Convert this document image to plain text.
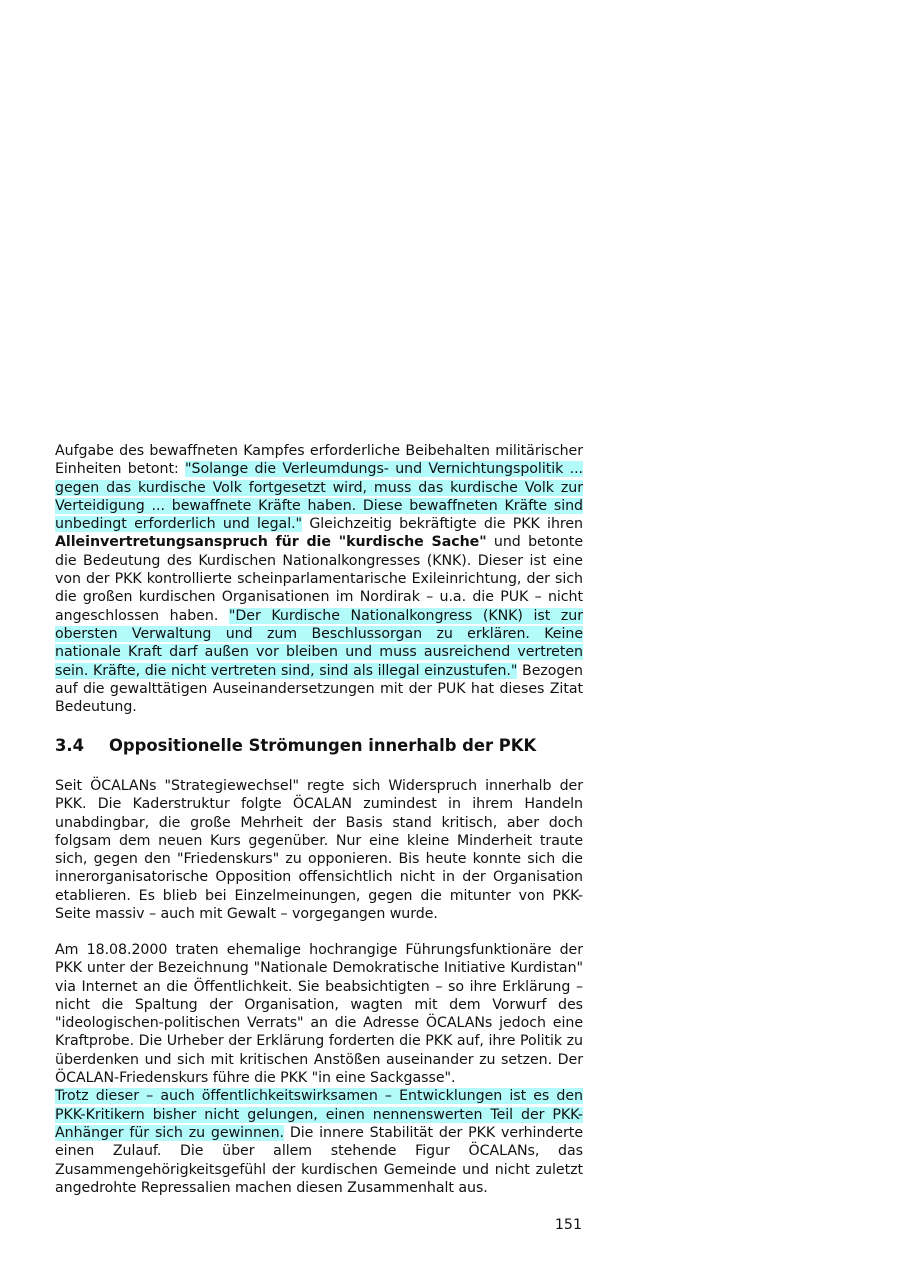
Aufgabe des bewaffneten Kampfes erforderliche Beibehalten militärischer Einheiten betont: "Solange die Verleumdungs- und Vernichtungspolitik ... gegen das kurdische Volk fortgesetzt wird, muss das kurdische Volk zur Verteidigung ... bewaffnete Kräfte haben. Diese bewaffneten Kräfte sind unbedingt erforderlich und legal." Gleichzeitig bekräftigte die PKK ihren Alleinvertretungsanspruch für die "kurdische Sache" und betonte die Bedeutung des Kurdischen Nationalkongresses (KNK). Dieser ist eine von der PKK kontrollierte scheinparlamentarische Exileinrichtung, der sich die großen kurdischen Organisationen im Nordirak – u.a. die PUK – nicht angeschlossen haben. "Der Kurdische Nationalkongress (KNK) ist zur obersten Verwaltung und zum Beschlussorgan zu erklären. Keine nationale Kraft darf außen vor bleiben und muss ausreichend vertreten sein. Kräfte, die nicht vertreten sind, sind als illegal einzustufen." Bezogen auf die gewalttätigen Auseinandersetzungen mit der PUK hat dieses Zitat Bedeutung.

3.4 Oppositionelle Strömungen innerhalb der PKK

Seit ÖCALANs "Strategiewechsel" regte sich Widerspruch innerhalb der PKK. Die Kaderstruktur folgte ÖCALAN zumindest in ihrem Handeln unabdingbar, die große Mehrheit der Basis stand kritisch, aber doch folgsam dem neuen Kurs gegenüber. Nur eine kleine Minderheit traute sich, gegen den "Friedenskurs" zu opponieren. Bis heute konnte sich die innerorganisatorische Opposition offensichtlich nicht in der Organisation etablieren. Es blieb bei Einzelmeinungen, gegen die mitunter von PKK-Seite massiv – auch mit Gewalt – vorgegangen wurde.

Am 18.08.2000 traten ehemalige hochrangige Führungsfunktionäre der PKK unter der Bezeichnung "Nationale Demokratische Initiative Kurdistan" via Internet an die Öffentlichkeit. Sie beabsichtigten – so ihre Erklärung – nicht die Spaltung der Organisation, wagten mit dem Vorwurf des "ideologischen-politischen Verrats" an die Adresse ÖCALANs jedoch eine Kraftprobe. Die Urheber der Erklärung forderten die PKK auf, ihre Politik zu überdenken und sich mit kritischen Anstößen auseinander zu setzen. Der ÖCALAN-Friedenskurs führe die PKK "in eine Sackgasse".

Trotz dieser – auch öffentlichkeitswirksamen – Entwicklungen ist es den PKK-Kritikern bisher nicht gelungen, einen nennenswerten Teil der PKK-Anhänger für sich zu gewinnen. Die innere Stabilität der PKK verhinderte einen Zulauf. Die über allem stehende Figur ÖCALANs, das Zusammengehörigkeitsgefühl der kurdischen Gemeinde und nicht zuletzt angedrohte Repressalien machen diesen Zusammenhalt aus.

151
